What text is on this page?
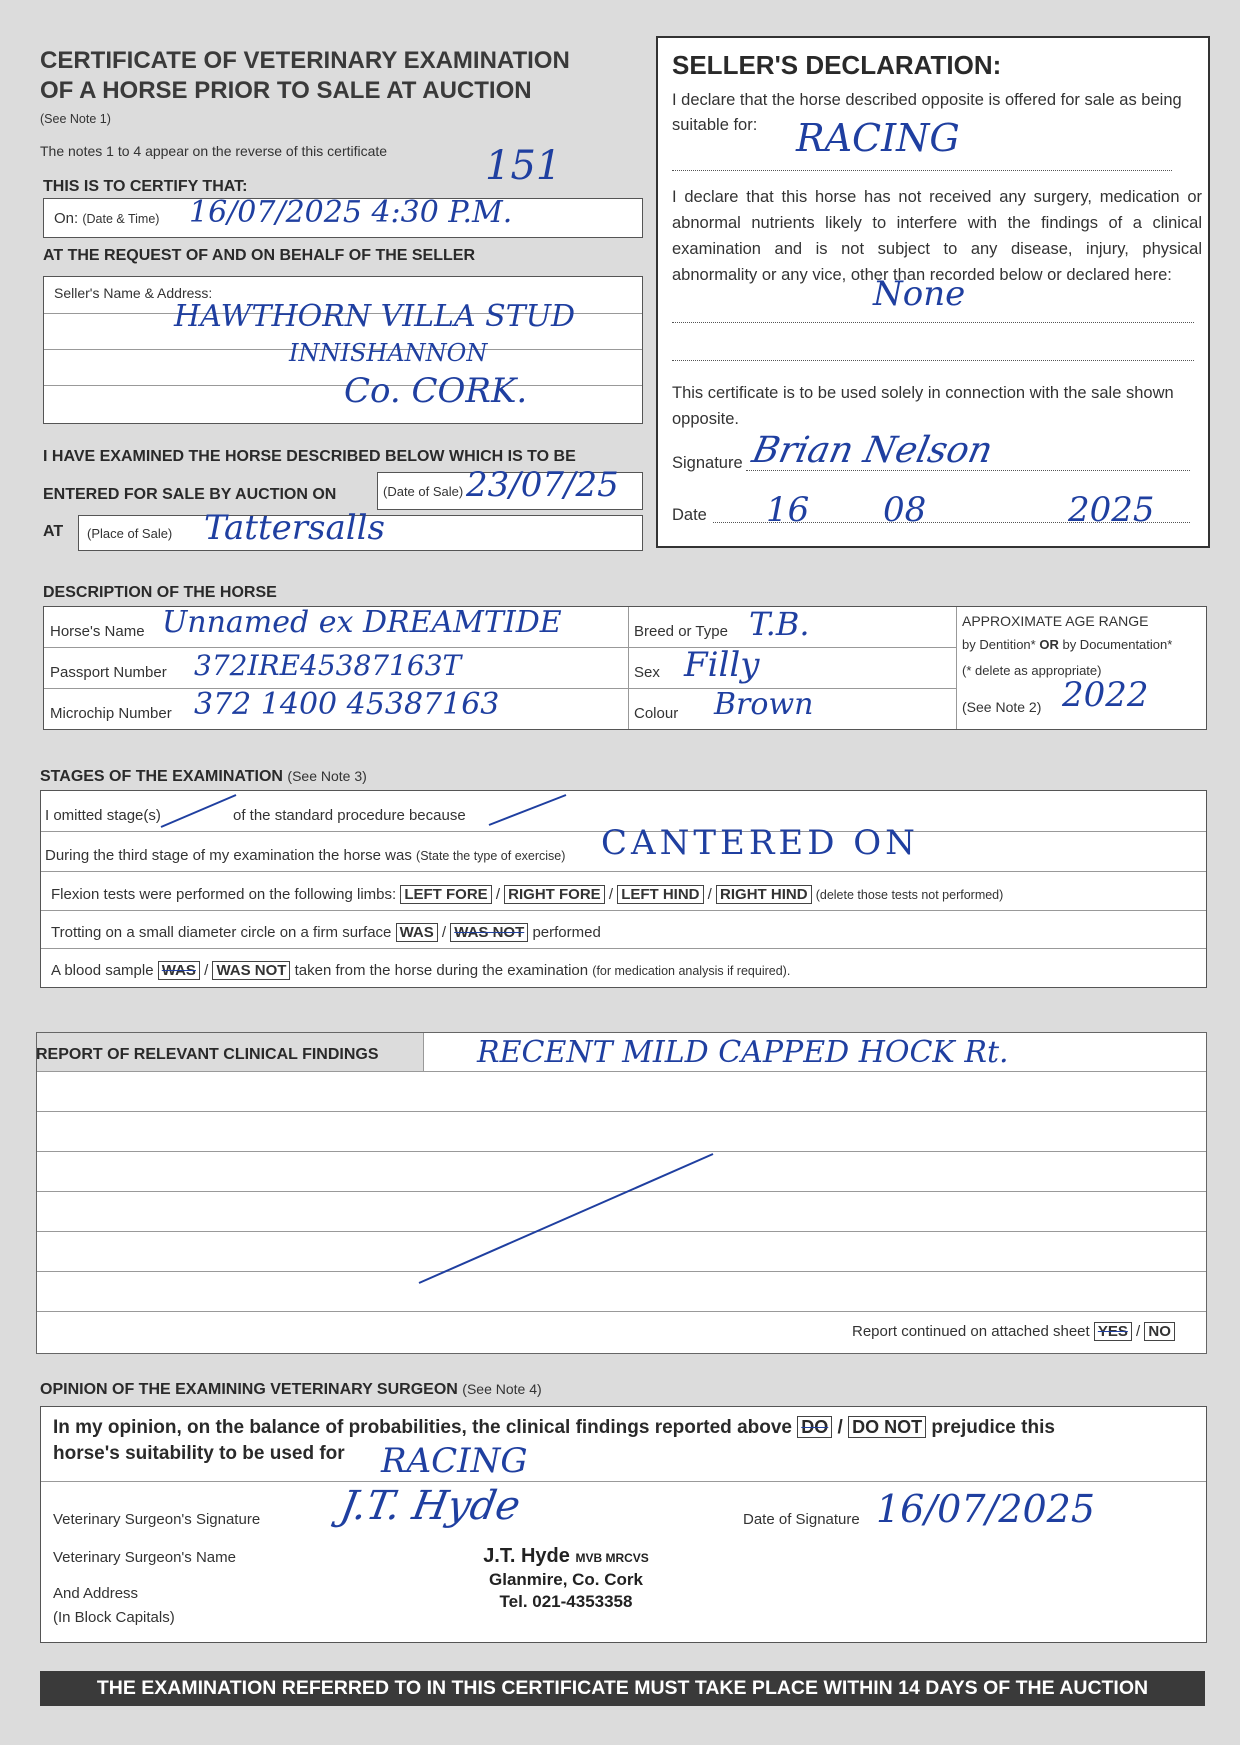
CERTIFICATE OF VETERINARY EXAMINATION
OF A HORSE PRIOR TO SALE AT AUCTION
(See Note 1)
The notes 1 to 4 appear on the reverse of this certificate
THIS IS TO CERTIFY THAT:	151
On: (Date & Time) 16/07/2025 4:30 P.M.
AT THE REQUEST OF AND ON BEHALF OF THE SELLER
Seller's Name & Address:
HAWTHORN VILLA STUD
INNISHANNON
Co. CORK.
I HAVE EXAMINED THE HORSE DESCRIBED BELOW WHICH IS TO BE
ENTERED FOR SALE BY AUCTION ON	(Date of Sale) 23/07/25
AT (Place of Sale) Tattersalls
SELLER'S DECLARATION:
I declare that the horse described opposite is offered for sale as being suitable for:	RACING
I declare that this horse has not received any surgery, medication or abnormal nutrients likely to interfere with the findings of a clinical examination and is not subject to any disease, injury, physical abnormality or any vice, other than recorded below or declared here:
None
This certificate is to be used solely in connection with the sale shown opposite.
Signature Brian Nelson
Date 16 08	2025
DESCRIPTION OF THE HORSE
Horse's Name Unnamed ex DREAMTIDE
Passport Number 372IRE45387163T
Microchip Number 372 1400 45387163
Breed or Type T.B.
Sex Filly
Colour Brown
APPROXIMATE AGE RANGE
by Dentition* OR by Documentation*
(* delete as appropriate)
(See Note 2) 2022
STAGES OF THE EXAMINATION (See Note 3)
I omitted stage(s)	of the standard procedure because
During the third stage of my examination the horse was (State the type of exercise) CANTERED ON
Flexion tests were performed on the following limbs: LEFT FORE / RIGHT FORE / LEFT HIND / RIGHT HIND (delete those tests not performed)
Trotting on a small diameter circle on a firm surface WAS / WAS NOT performed
A blood sample WAS / WAS NOT taken from the horse during the examination (for medication analysis if required).
REPORT OF RELEVANT CLINICAL FINDINGS	RECENT MILD CAPPED HOCK Rt.
Report continued on attached sheet YES / NO
OPINION OF THE EXAMINING VETERINARY SURGEON (See Note 4)
In my opinion, on the balance of probabilities, the clinical findings reported above DO / DO NOT prejudice this
horse's suitability to be used for RACING
Veterinary Surgeon's Signature J.T. Hyde	Date of Signature 16/07/2025
Veterinary Surgeon's Name
And Address
(In Block Capitals)
J.T. Hyde MVB MRCVS
Glanmire, Co. Cork
Tel. 021-4353358
THE EXAMINATION REFERRED TO IN THIS CERTIFICATE MUST TAKE PLACE WITHIN 14 DAYS OF THE AUCTION
